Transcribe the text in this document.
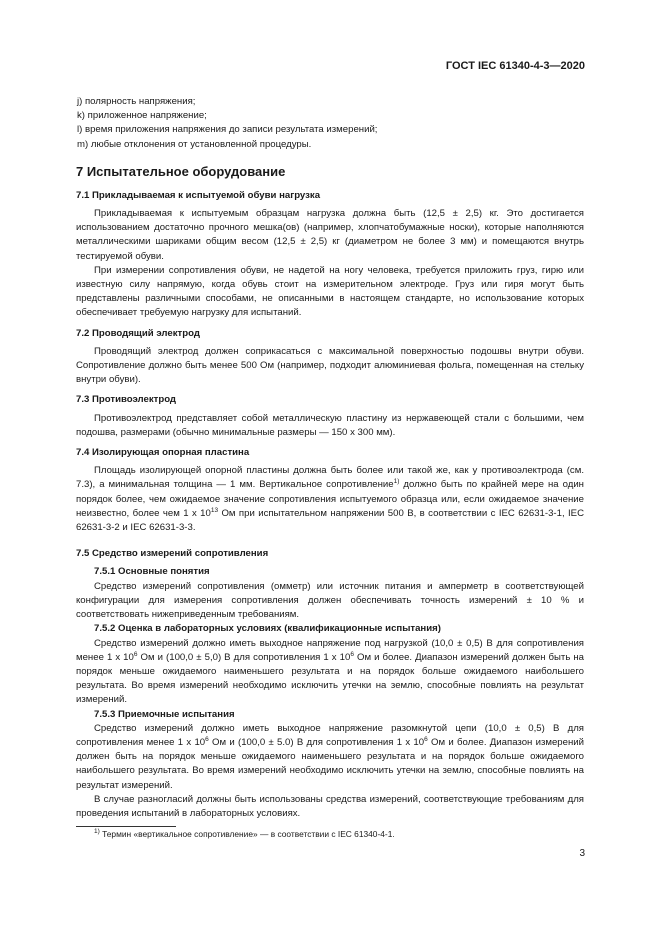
ГОСТ IEC 61340-4-3—2020

j) полярность напряжения;

k) приложенное напряжение;

l) время приложения напряжения до записи результата измерений;

m) любые отклонения от установленной процедуры.

7 Испытательное оборудование

7.1 Прикладываемая к испытуемой обуви нагрузка

Прикладываемая к испытуемым образцам нагрузка должна быть (12,5 ± 2,5) кг. Это достигается использованием достаточно прочного мешка(ов) (например, хлопчатобумажные носки), которые наполняются металлическими шариками общим весом (12,5 ± 2,5) кг (диаметром не более 3 мм) и помещаются внутрь тестируемой обуви.

При измерении сопротивления обуви, не надетой на ногу человека, требуется приложить груз, гирю или известную силу напрямую, когда обувь стоит на измерительном электроде. Груз или гиря могут быть представлены различными способами, не описанными в настоящем стандарте, но использование которых обеспечивает требуемую нагрузку для испытаний.

7.2 Проводящий электрод

Проводящий электрод должен соприкасаться с максимальной поверхностью подошвы внутри обуви. Сопротивление должно быть менее 500 Ом (например, подходит алюминиевая фольга, помещенная на стельку внутри обуви).

7.3 Противоэлектрод

Противоэлектрод представляет собой металлическую пластину из нержавеющей стали с большими, чем подошва, размерами (обычно минимальные размеры — 150 х 300 мм).

7.4 Изолирующая опорная пластина

Площадь изолирующей опорной пластины должна быть более или такой же, как у противоэлектрода (см. 7.3), а минимальная толщина — 1 мм. Вертикальное сопротивление$^{1)}$ должно быть по крайней мере на один порядок более, чем ожидаемое значение сопротивления испытуемого образца или, если ожидаемое значение неизвестно, более чем 1 х $10^{13}$ Ом при испытательном напряжении 500 В, в соответствии с IEC 62631-3-1, IEC 62631-3-2 и IEC 62631-3-3.

7.5 Средство измерений сопротивления

7.5.1 Основные понятия

Средство измерений сопротивления (омметр) или источник питания и амперметр в соответствующей конфигурации для измерения сопротивления должен обеспечивать точность измерений ± 10 % и соответствовать нижеприведенным требованиям.

7.5.2 Оценка в лабораторных условиях (квалификационные испытания)

Средство измерений должно иметь выходное напряжение под нагрузкой (10,0 ± 0,5) В для сопротивления менее 1 х $10^6$ Ом и (100,0 ± 5,0) В для сопротивления 1 х $10^6$ Ом и более. Диапазон измерений должен быть на порядок меньше ожидаемого наименьшего результата и на порядок больше ожидаемого наибольшего результата. Во время измерений необходимо исключить утечки на землю, способные повлиять на результат измерений.

7.5.3 Приемочные испытания

Средство измерений должно иметь выходное напряжение разомкнутой цепи (10,0 ± 0,5) В для сопротивления менее 1 х $10^6$ Ом и (100,0 ± 5.0) В для сопротивления 1 х $10^6$ Ом и более. Диапазон измерений должен быть на порядок меньше ожидаемого наименьшего результата и на порядок больше ожидаемого наибольшего результата. Во время измерений необходимо исключить утечки на землю, способные повлиять на результат измерений.

В случае разногласий должны быть использованы средства измерений, соответствующие требованиям для проведения испытаний в лабораторных условиях.

$^{1)}$ Термин «вертикальное сопротивление» — в соответствии с IEC 61340-4-1.
3
